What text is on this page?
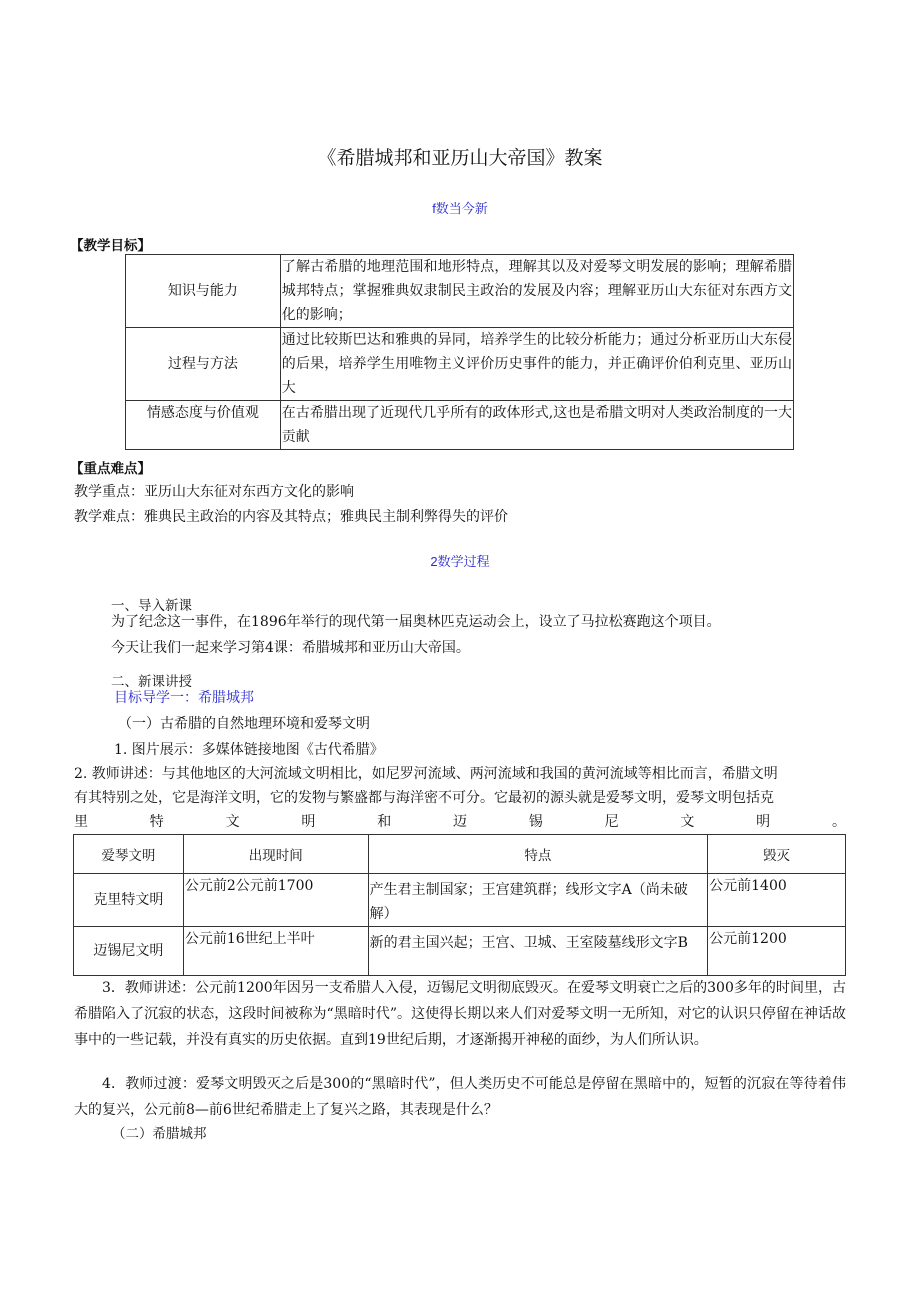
《希腊城邦和亚历山大帝国》教案
f数当今新
【教学目标】
知识与能力	了解古希腊的地理范围和地形特点，理解其以及对爱琴文明发展的影响；理解希腊城邦特点；掌握雅典奴隶制民主政治的发展及内容；理解亚历山大东征对东西方文化的影响；
过程与方法	通过比较斯巴达和雅典的异同，培养学生的比较分析能力；通过分析亚历山大东侵的后果，培养学生用唯物主义评价历史事件的能力，并正确评价伯利克里、亚历山大
情感态度与价值观	在古希腊出现了近现代几乎所有的政体形式,这也是希腊文明对人类政治制度的一大贡献
【重点难点】
教学重点：亚历山大东征对东西方文化的影响
教学难点：雅典民主政治的内容及其特点；雅典民主制利弊得失的评价
2数学过程
一、导入新课
为了纪念这一事件，在1896年举行的现代第一届奥林匹克运动会上，设立了马拉松赛跑这个项目。
今天让我们一起来学习第4课：希腊城邦和亚历山大帝国。
二、新课讲授
目标导学一：希腊城邦
（一）古希腊的自然地理环境和爱琴文明
1. 图片展示：多媒体链接地图《古代希腊》
2. 教师讲述：与其他地区的大河流域文明相比，如尼罗河流域、两河流域和我国的黄河流域等相比而言，希腊文明
有其特别之处，它是海洋文明，它的发物与繁盛都与海洋密不可分。它最初的源头就是爱琴文明，爱琴文明包括克
里	特	文	明	和	迈	锡	尼	文	明	。
爱琴文明	出现时间	特点	毁灭
克里特文明	公元前2公元前1700	产生君主制国家；王宫建筑群；线形文字A（尚未破解）	公元前1400
迈锡尼文明	公元前16世纪上半叶	新的君主国兴起；王宫、卫城、王室陵墓线形文字B	公元前1200
3．教师讲述：公元前1200年因另一支希腊人入侵，迈锡尼文明彻底毁灭。在爱琴文明衰亡之后的300多年的时间里，古希腊陷入了沉寂的状态，这段时间被称为“黑暗时代”。这使得长期以来人们对爱琴文明一无所知，对它的认识只停留在神话故事中的一些记载，并没有真实的历史依据。直到19世纪后期，才逐渐揭开神秘的面纱，为人们所认识。
4．教师过渡：爱琴文明毁灭之后是300的“黑暗时代”，但人类历史不可能总是停留在黑暗中的，短暂的沉寂在等待着伟大的复兴，公元前8—前6世纪希腊走上了复兴之路，其表现是什么？
（二）希腊城邦
